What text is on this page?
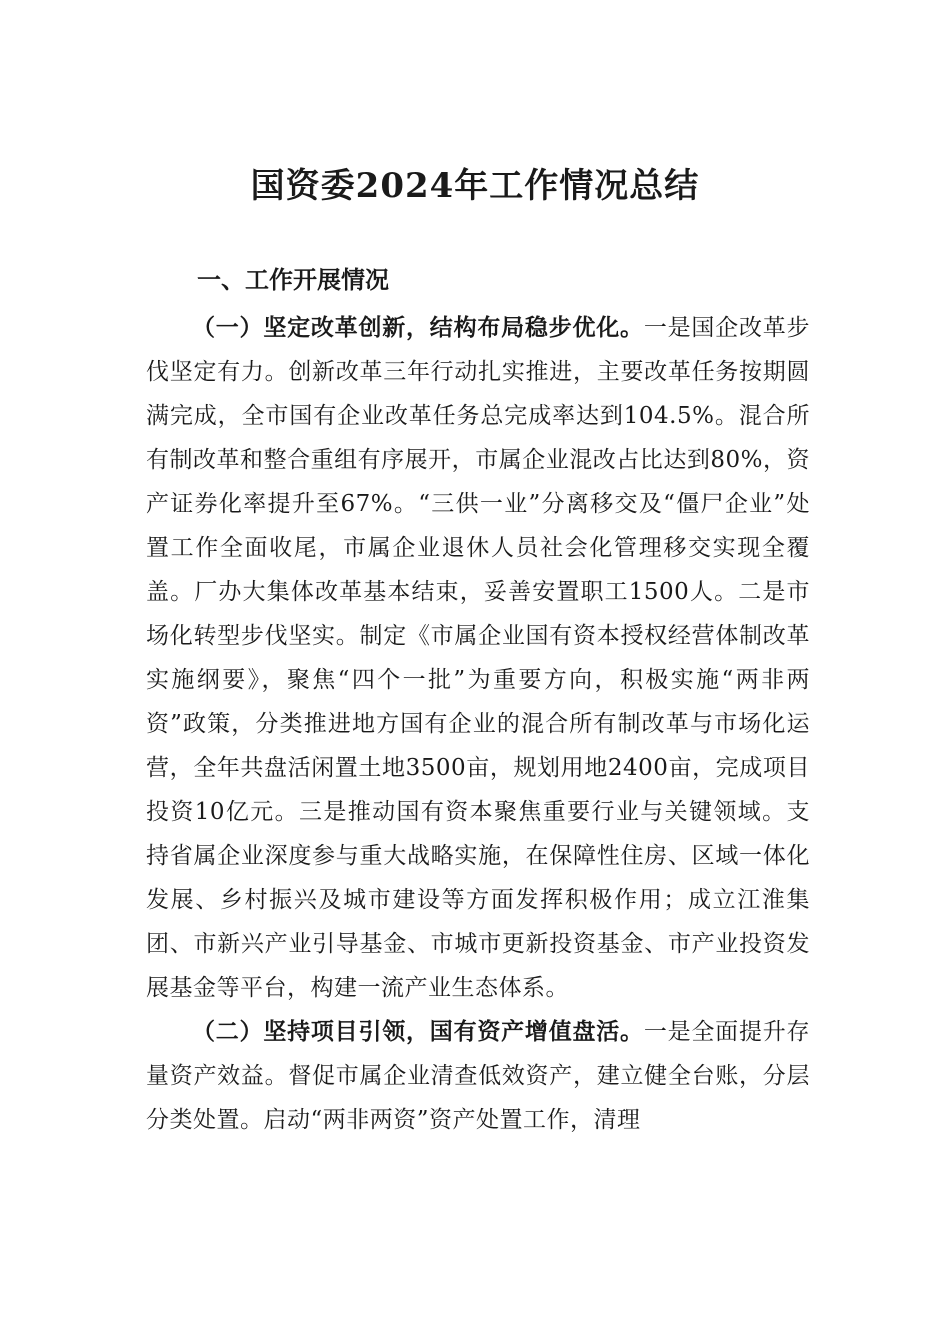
国资委2024年工作情况总结
一、工作开展情况

（一）坚定改革创新，结构布局稳步优化。一是国企改革步伐坚定有力。创新改革三年行动扎实推进，主要改革任务按期圆满完成，全市国有企业改革任务总完成率达到104.5%。混合所有制改革和整合重组有序展开，市属企业混改占比达到80%，资产证券化率提升至67%。“三供一业”分离移交及“僵尸企业”处置工作全面收尾，市属企业退休人员社会化管理移交实现全覆盖。厂办大集体改革基本结束，妥善安置职工1500人。二是市场化转型步伐坚实。制定《市属企业国有资本授权经营体制改革实施纲要》，聚焦“四个一批”为重要方向，积极实施“两非两资”政策，分类推进地方国有企业的混合所有制改革与市场化运营，全年共盘活闲置土地3500亩，规划用地2400亩，完成项目投资10亿元。三是推动国有资本聚焦重要行业与关键领域。支持省属企业深度参与重大战略实施，在保障性住房、区域一体化发展、乡村振兴及城市建设等方面发挥积极作用；成立江淮集团、市新兴产业引导基金、市城市更新投资基金、市产业投资发展基金等平台，构建一流产业生态体系。

（二）坚持项目引领，国有资产增值盘活。一是全面提升存量资产效益。督促市属企业清查低效资产，建立健全台账，分层分类处置。启动“两非两资”资产处置工作，清理
